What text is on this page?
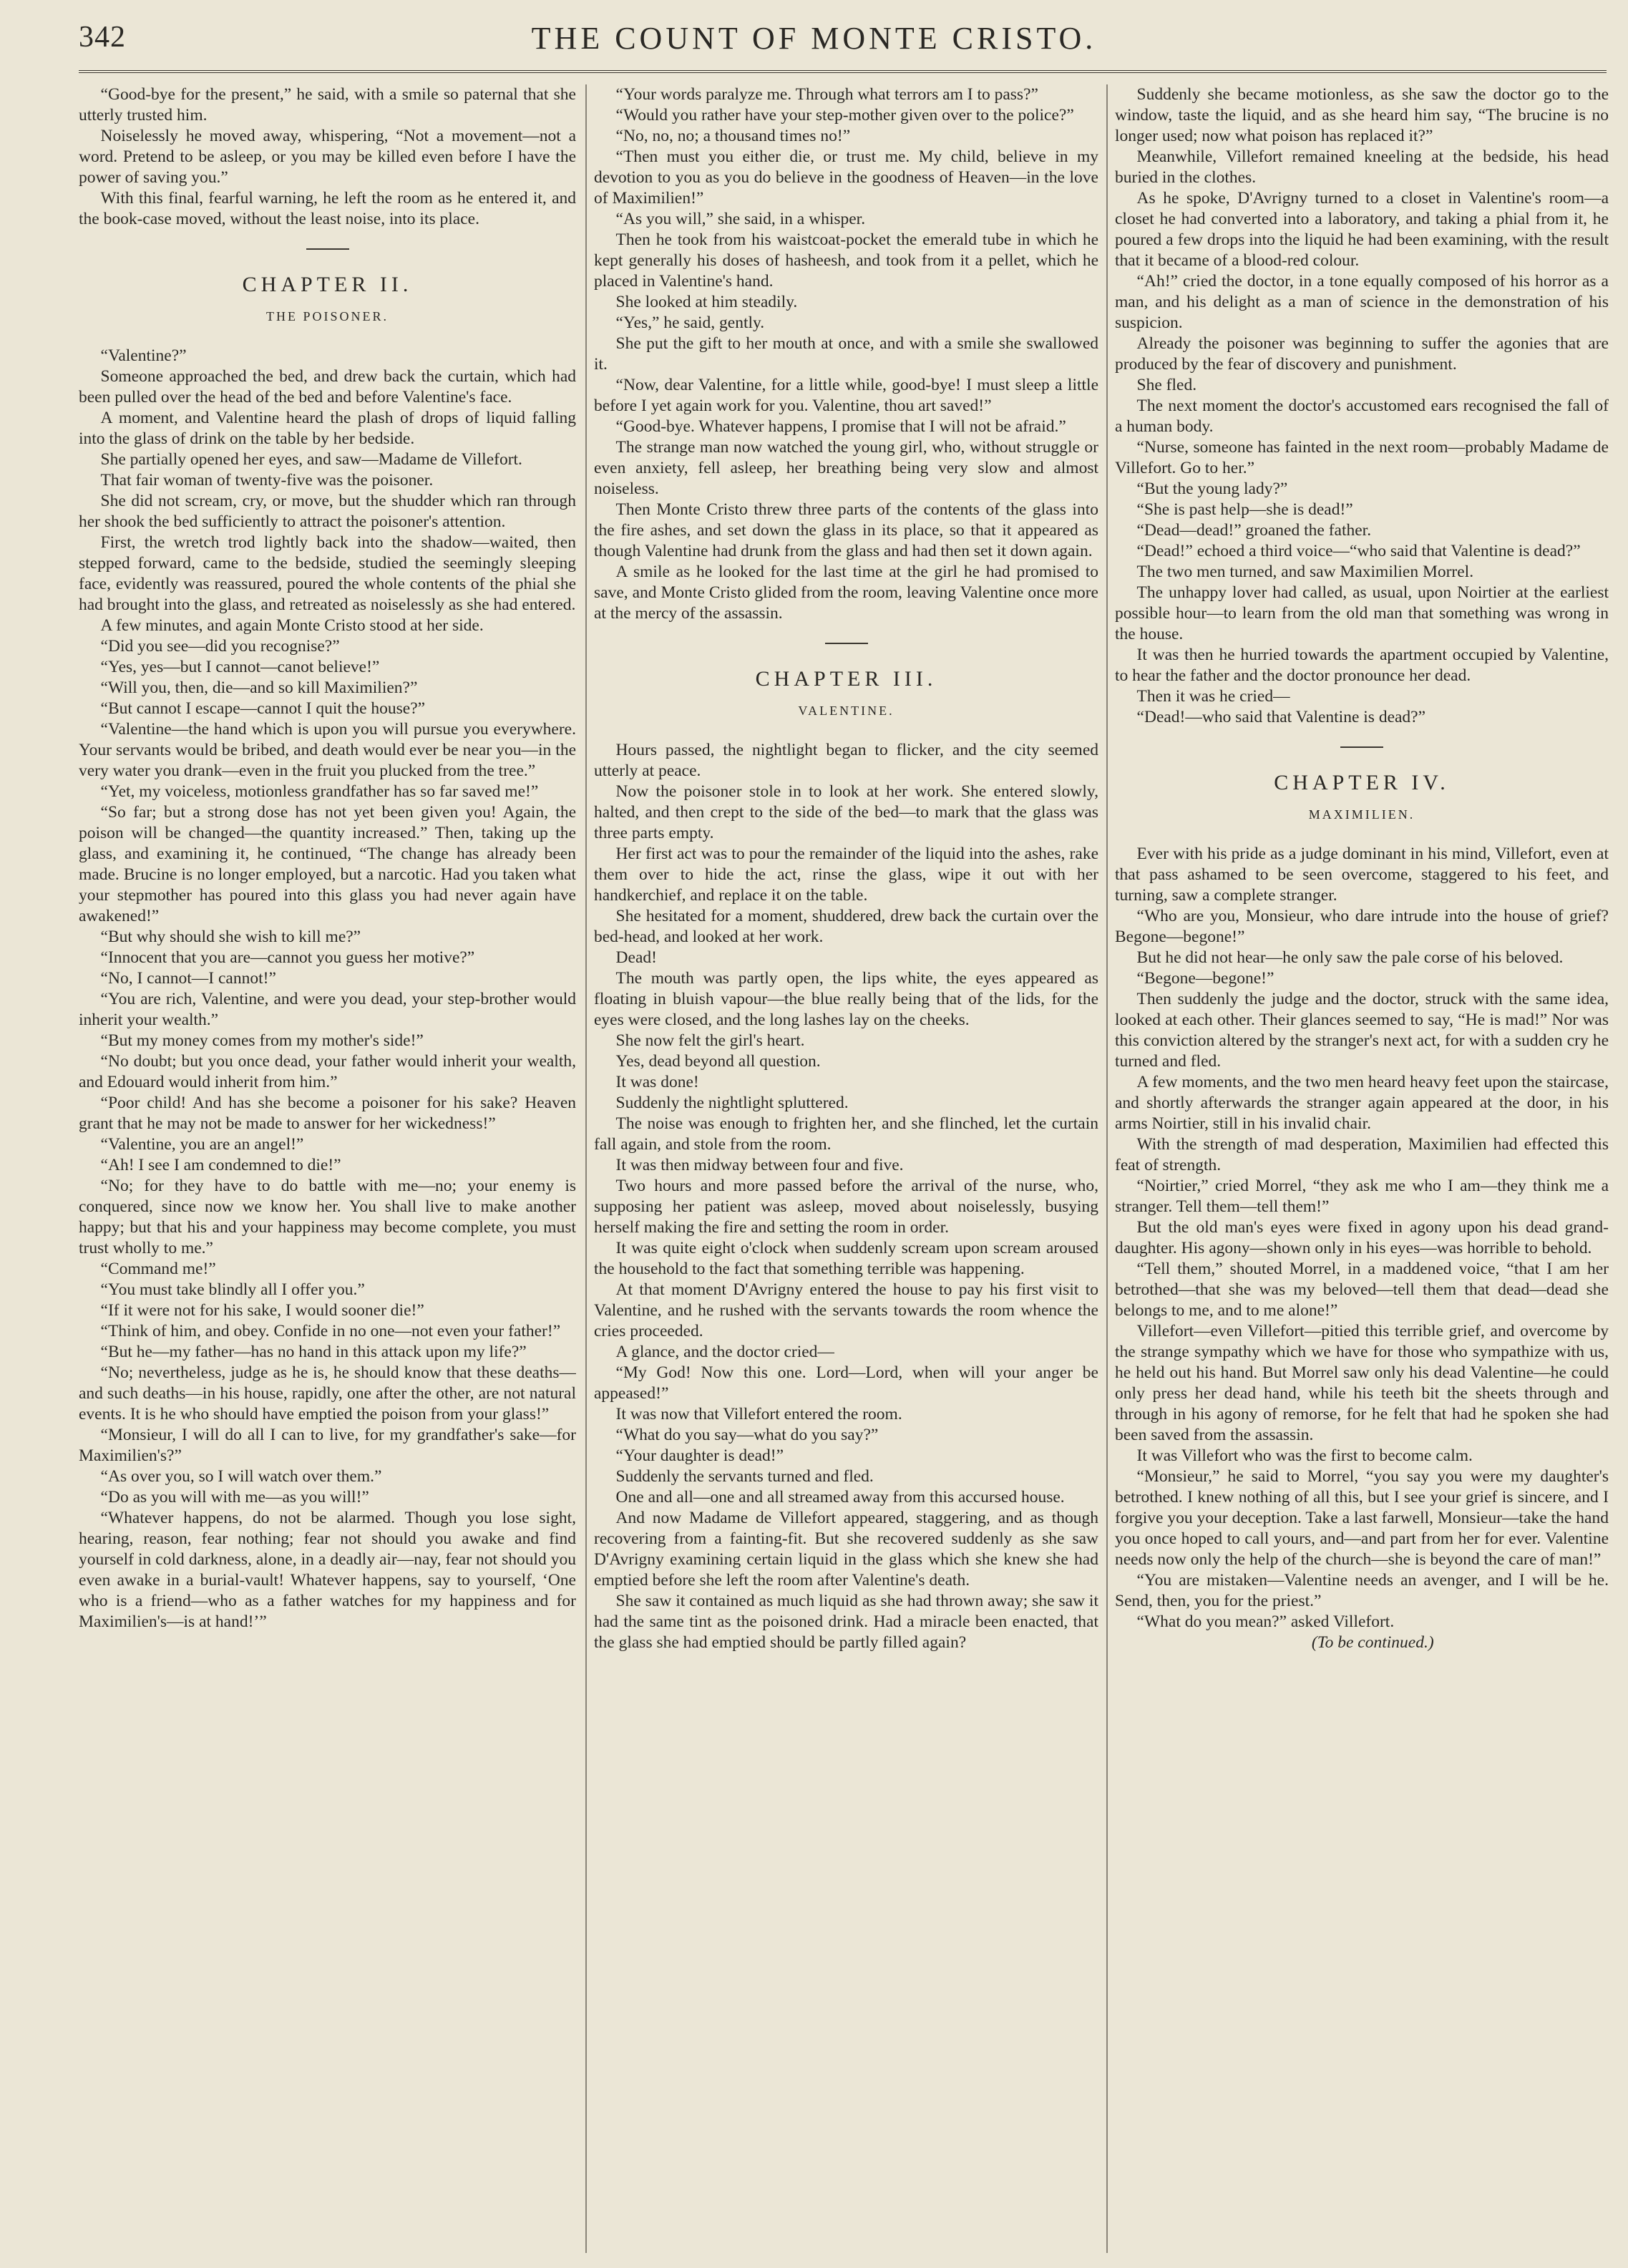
342	THE COUNT OF MONTE CRISTO.

“Good-bye for the present,” he said, with a smile so paternal that she utterly trusted him.

Noiselessly he moved away, whispering, “Not a movement—not a word. Pretend to be asleep, or you may be killed even before I have the power of saving you.”

With this final, fearful warning, he left the room as he entered it, and the book-case moved, without the least noise, into its place.

CHAPTER II.
THE POISONER.

“Valentine?”

Someone approached the bed, and drew back the curtain, which had been pulled over the head of the bed and before Valentine's face.

A moment, and Valentine heard the plash of drops of liquid falling into the glass of drink on the table by her bedside.

She partially opened her eyes, and saw—Madame de Villefort.

That fair woman of twenty-five was the poisoner.

She did not scream, cry, or move, but the shudder which ran through her shook the bed sufficiently to attract the poisoner's attention.

First, the wretch trod lightly back into the shadow—waited, then stepped forward, came to the bedside, studied the seemingly sleeping face, evidently was reassured, poured the whole contents of the phial she had brought into the glass, and retreated as noiselessly as she had entered.

A few minutes, and again Monte Cristo stood at her side.

“Did you see—did you recognise?”

“Yes, yes—but I cannot—canot believe!”

“Will you, then, die—and so kill Maximilien?”

“But cannot I escape—cannot I quit the house?”

“Valentine—the hand which is upon you will pursue you everywhere. Your servants would be bribed, and death would ever be near you—in the very water you drank—even in the fruit you plucked from the tree.”

“Yet, my voiceless, motionless grandfather has so far saved me!”

“So far; but a strong dose has not yet been given you! Again, the poison will be changed—the quantity increased.” Then, taking up the glass, and examining it, he continued, “The change has already been made. Brucine is no longer employed, but a narcotic. Had you taken what your stepmother has poured into this glass you had never again have awakened!”

“But why should she wish to kill me?”

“Innocent that you are—cannot you guess her motive?”

“No, I cannot—I cannot!”

“You are rich, Valentine, and were you dead, your step-brother would inherit your wealth.”

“But my money comes from my mother's side!”

“No doubt; but you once dead, your father would inherit your wealth, and Edouard would inherit from him.”

“Poor child! And has she become a poisoner for his sake? Heaven grant that he may not be made to answer for her wickedness!”

“Valentine, you are an angel!”

“Ah! I see I am condemned to die!”

“No; for they have to do battle with me—no; your enemy is conquered, since now we know her. You shall live to make another happy; but that his and your happiness may become complete, you must trust wholly to me.”

“Command me!”

“You must take blindly all I offer you.”

“If it were not for his sake, I would sooner die!”

“Think of him, and obey. Confide in no one—not even your father!”

“But he—my father—has no hand in this attack upon my life?”

“No; nevertheless, judge as he is, he should know that these deaths—and such deaths—in his house, rapidly, one after the other, are not natural events. It is he who should have emptied the poison from your glass!”

“Monsieur, I will do all I can to live, for my grandfather's sake—for Maximilien's?”

“As over you, so I will watch over them.”

“Do as you will with me—as you will!”

“Whatever happens, do not be alarmed. Though you lose sight, hearing, reason, fear nothing; fear not should you awake and find yourself in cold darkness, alone, in a deadly air—nay, fear not should you even awake in a burial-vault! Whatever happens, say to yourself, ‘One who is a friend—who as a father watches for my happiness and for Maximilien's—is at hand!’”

“Your words paralyze me. Through what terrors am I to pass?”

“Would you rather have your step-mother given over to the police?”

“No, no, no; a thousand times no!”

“Then must you either die, or trust me. My child, believe in my devotion to you as you do believe in the goodness of Heaven—in the love of Maximilien!”

“As you will,” she said, in a whisper.

Then he took from his waistcoat-pocket the emerald tube in which he kept generally his doses of hasheesh, and took from it a pellet, which he placed in Valentine's hand.

She looked at him steadily.

“Yes,” he said, gently.

She put the gift to her mouth at once, and with a smile she swallowed it.

“Now, dear Valentine, for a little while, good-bye! I must sleep a little before I yet again work for you. Valentine, thou art saved!”

“Good-bye. Whatever happens, I promise that I will not be afraid.”

The strange man now watched the young girl, who, without struggle or even anxiety, fell asleep, her breathing being very slow and almost noiseless.

Then Monte Cristo threw three parts of the contents of the glass into the fire ashes, and set down the glass in its place, so that it appeared as though Valentine had drunk from the glass and had then set it down again.

A smile as he looked for the last time at the girl he had promised to save, and Monte Cristo glided from the room, leaving Valentine once more at the mercy of the assassin.

CHAPTER III.
VALENTINE.

Hours passed, the nightlight began to flicker, and the city seemed utterly at peace.

Now the poisoner stole in to look at her work. She entered slowly, halted, and then crept to the side of the bed—to mark that the glass was three parts empty.

Her first act was to pour the remainder of the liquid into the ashes, rake them over to hide the act, rinse the glass, wipe it out with her handkerchief, and replace it on the table.

She hesitated for a moment, shuddered, drew back the curtain over the bed-head, and looked at her work.

Dead!

The mouth was partly open, the lips white, the eyes appeared as floating in bluish vapour—the blue really being that of the lids, for the eyes were closed, and the long lashes lay on the cheeks.

She now felt the girl's heart.

Yes, dead beyond all question.

It was done!

Suddenly the nightlight spluttered.

The noise was enough to frighten her, and she flinched, let the curtain fall again, and stole from the room.

It was then midway between four and five.

Two hours and more passed before the arrival of the nurse, who, supposing her patient was asleep, moved about noiselessly, busying herself making the fire and setting the room in order.

It was quite eight o'clock when suddenly scream upon scream aroused the household to the fact that something terrible was happening.

At that moment D'Avrigny entered the house to pay his first visit to Valentine, and he rushed with the servants towards the room whence the cries proceeded.

A glance, and the doctor cried—

“My God! Now this one. Lord—Lord, when will your anger be appeased!”

It was now that Villefort entered the room.

“What do you say—what do you say?”

“Your daughter is dead!”

Suddenly the servants turned and fled.

One and all—one and all streamed away from this accursed house.

And now Madame de Villefort appeared, staggering, and as though recovering from a fainting-fit. But she recovered suddenly as she saw D'Avrigny examining certain liquid in the glass which she knew she had emptied before she left the room after Valentine's death.

She saw it contained as much liquid as she had thrown away; she saw it had the same tint as the poisoned drink. Had a miracle been enacted, that the glass she had emptied should be partly filled again?

Suddenly she became motionless, as she saw the doctor go to the window, taste the liquid, and as she heard him say, “The brucine is no longer used; now what poison has replaced it?”

Meanwhile, Villefort remained kneeling at the bedside, his head buried in the clothes.

As he spoke, D'Avrigny turned to a closet in Valentine's room—a closet he had converted into a laboratory, and taking a phial from it, he poured a few drops into the liquid he had been examining, with the result that it became of a blood-red colour.

“Ah!” cried the doctor, in a tone equally composed of his horror as a man, and his delight as a man of science in the demonstration of his suspicion.

Already the poisoner was beginning to suffer the agonies that are produced by the fear of discovery and punishment.

She fled.

The next moment the doctor's accustomed ears recognised the fall of a human body.

“Nurse, someone has fainted in the next room—probably Madame de Villefort. Go to her.”

“But the young lady?”

“She is past help—she is dead!”

“Dead—dead!” groaned the father.

“Dead!” echoed a third voice—“who said that Valentine is dead?”

The two men turned, and saw Maximilien Morrel.

The unhappy lover had called, as usual, upon Noirtier at the earliest possible hour—to learn from the old man that something was wrong in the house.

It was then he hurried towards the apartment occupied by Valentine, to hear the father and the doctor pronounce her dead.

Then it was he cried—

“Dead!—who said that Valentine is dead?”

CHAPTER IV.
MAXIMILIEN.

Ever with his pride as a judge dominant in his mind, Villefort, even at that pass ashamed to be seen overcome, staggered to his feet, and turning, saw a complete stranger.

“Who are you, Monsieur, who dare intrude into the house of grief? Begone—begone!”

But he did not hear—he only saw the pale corse of his beloved.

“Begone—begone!”

Then suddenly the judge and the doctor, struck with the same idea, looked at each other. Their glances seemed to say, “He is mad!” Nor was this conviction altered by the stranger's next act, for with a sudden cry he turned and fled.

A few moments, and the two men heard heavy feet upon the staircase, and shortly afterwards the stranger again appeared at the door, in his arms Noirtier, still in his invalid chair.

With the strength of mad desperation, Maximilien had effected this feat of strength.

“Noirtier,” cried Morrel, “they ask me who I am—they think me a stranger. Tell them—tell them!”

But the old man's eyes were fixed in agony upon his dead grand-daughter. His agony—shown only in his eyes—was horrible to behold.

“Tell them,” shouted Morrel, in a maddened voice, “that I am her betrothed—that she was my beloved—tell them that dead—dead she belongs to me, and to me alone!”

Villefort—even Villefort—pitied this terrible grief, and overcome by the strange sympathy which we have for those who sympathize with us, he held out his hand. But Morrel saw only his dead Valentine—he could only press her dead hand, while his teeth bit the sheets through and through in his agony of remorse, for he felt that had he spoken she had been saved from the assassin.

It was Villefort who was the first to become calm.

“Monsieur,” he said to Morrel, “you say you were my daughter's betrothed. I knew nothing of all this, but I see your grief is sincere, and I forgive you your deception. Take a last farwell, Monsieur—take the hand you once hoped to call yours, and—and part from her for ever. Valentine needs now only the help of the church—she is beyond the care of man!”

“You are mistaken—Valentine needs an avenger, and I will be he. Send, then, you for the priest.”

“What do you mean?” asked Villefort.

(To be continued.)
